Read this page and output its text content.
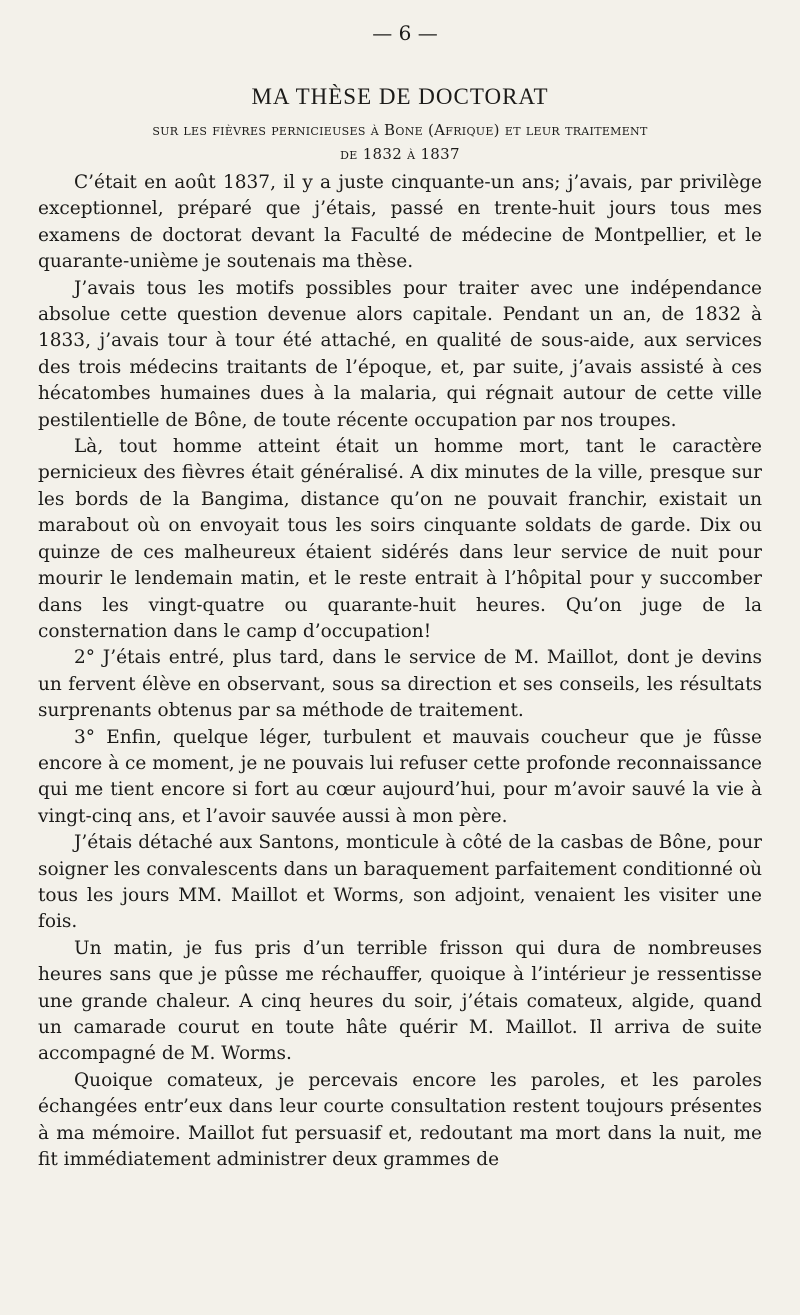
— 6 —
MA THÈSE DE DOCTORAT
sur les fièvres pernicieuses à Bone (Afrique) et leur traitement
de 1832 à 1837

C’était en août 1837, il y a juste cinquante-un ans; j’avais, par privilège exceptionnel, préparé que j’étais, passé en trente-huit jours tous mes examens de doctorat devant la Faculté de médecine de Montpellier, et le quarante-unième je soutenais ma thèse.

J’avais tous les motifs possibles pour traiter avec une indépendance absolue cette question devenue alors capitale. Pendant un an, de 1832 à 1833, j’avais tour à tour été attaché, en qualité de sous-aide, aux services des trois médecins traitants de l’époque, et, par suite, j’avais assisté à ces hécatombes humaines dues à la malaria, qui régnait autour de cette ville pestilentielle de Bône, de toute récente occupation par nos troupes.

Là, tout homme atteint était un homme mort, tant le caractère pernicieux des fièvres était généralisé. A dix minutes de la ville, presque sur les bords de la Bangima, distance qu’on ne pouvait franchir, existait un marabout où on envoyait tous les soirs cinquante soldats de garde. Dix ou quinze de ces malheureux étaient sidérés dans leur service de nuit pour mourir le lendemain matin, et le reste entrait à l’hôpital pour y succomber dans les vingt-quatre ou quarante-huit heures. Qu’on juge de la consternation dans le camp d’occupation!

2° J’étais entré, plus tard, dans le service de M. Maillot, dont je devins un fervent élève en observant, sous sa direction et ses conseils, les résultats surprenants obtenus par sa méthode de traitement.

3° Enfin, quelque léger, turbulent et mauvais coucheur que je fûsse encore à ce moment, je ne pouvais lui refuser cette profonde reconnaissance qui me tient encore si fort au cœur aujourd’hui, pour m’avoir sauvé la vie à vingt-cinq ans, et l’avoir sauvée aussi à mon père.

J’étais détaché aux Santons, monticule à côté de la casbas de Bône, pour soigner les convalescents dans un baraquement parfaitement conditionné où tous les jours MM. Maillot et Worms, son adjoint, venaient les visiter une fois.

Un matin, je fus pris d’un terrible frisson qui dura de nombreuses heures sans que je pûsse me réchauffer, quoique à l’intérieur je ressentisse une grande chaleur. A cinq heures du soir, j’étais comateux, algide, quand un camarade courut en toute hâte quérir M. Maillot. Il arriva de suite accompagné de M. Worms.

Quoique comateux, je percevais encore les paroles, et les paroles échangées entr’eux dans leur courte consultation restent toujours présentes à ma mémoire. Maillot fut persuasif et, redoutant ma mort dans la nuit, me fit immédiatement administrer deux grammes de
